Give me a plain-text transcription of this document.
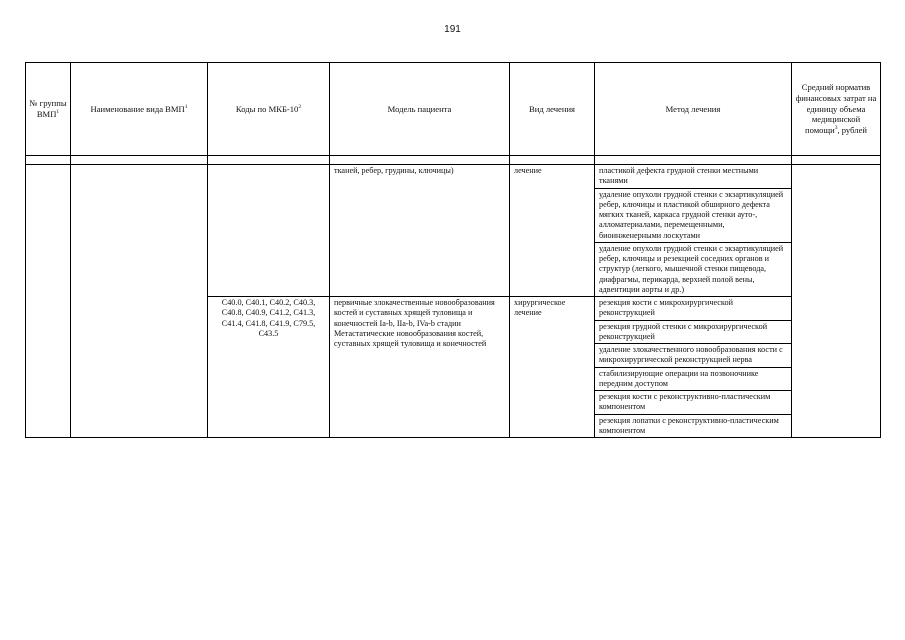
191
№ группы ВМП$^1$	Наименование вида ВМП$^1$	Коды по МКБ-$10^2$	Модель пациента	Вид лечения	Метод лечения	Средний норматив финансовых затрат на единицу объема медицинской помощи$^3$, рублей

			тканей, ребер, грудины, ключицы)	лечение	пластикой дефекта грудной стенки местными тканями	
					удаление опухоли грудной стенки с экзартикуляцией ребер, ключицы и пластикой обширного дефекта мягких тканей, каркаса грудной стенки ауто-, алломатериалами, перемещенными, биоинженерными лоскутами	
					удаление опухоли грудной стенки с экзартикуляцией ребер, ключицы и резекцией соседних органов и структур (легкого, мышечной стенки пищевода, диафрагмы, перикарда, верхней полой вены, адвентиции аорты и др.)	
		C40.0, C40.1, C40.2, C40.3, C40.8, C40.9, C41.2, C41.3, C41.4, C41.8, C41.9, C79.5, C43.5	первичные злокачественные новообразования костей и суставных хрящей туловища и конечностей Ia-b, IIa-b, IVa-b стадии Метастатические новообразования костей, суставных хрящей туловища и конечностей	хирургическое лечение	резекция кости с микрохирургической реконструкцией	
					резекция грудной стенки с микрохирургической реконструкцией	
					удаление злокачественного новообразования кости с микрохирургической реконструкцией нерва	
					стабилизирующие операции на позвоночнике передним доступом	
					резекция кости с реконструктивно-пластическим компонентом	
					резекция лопатки с реконструктивно-пластическим компонентом	
